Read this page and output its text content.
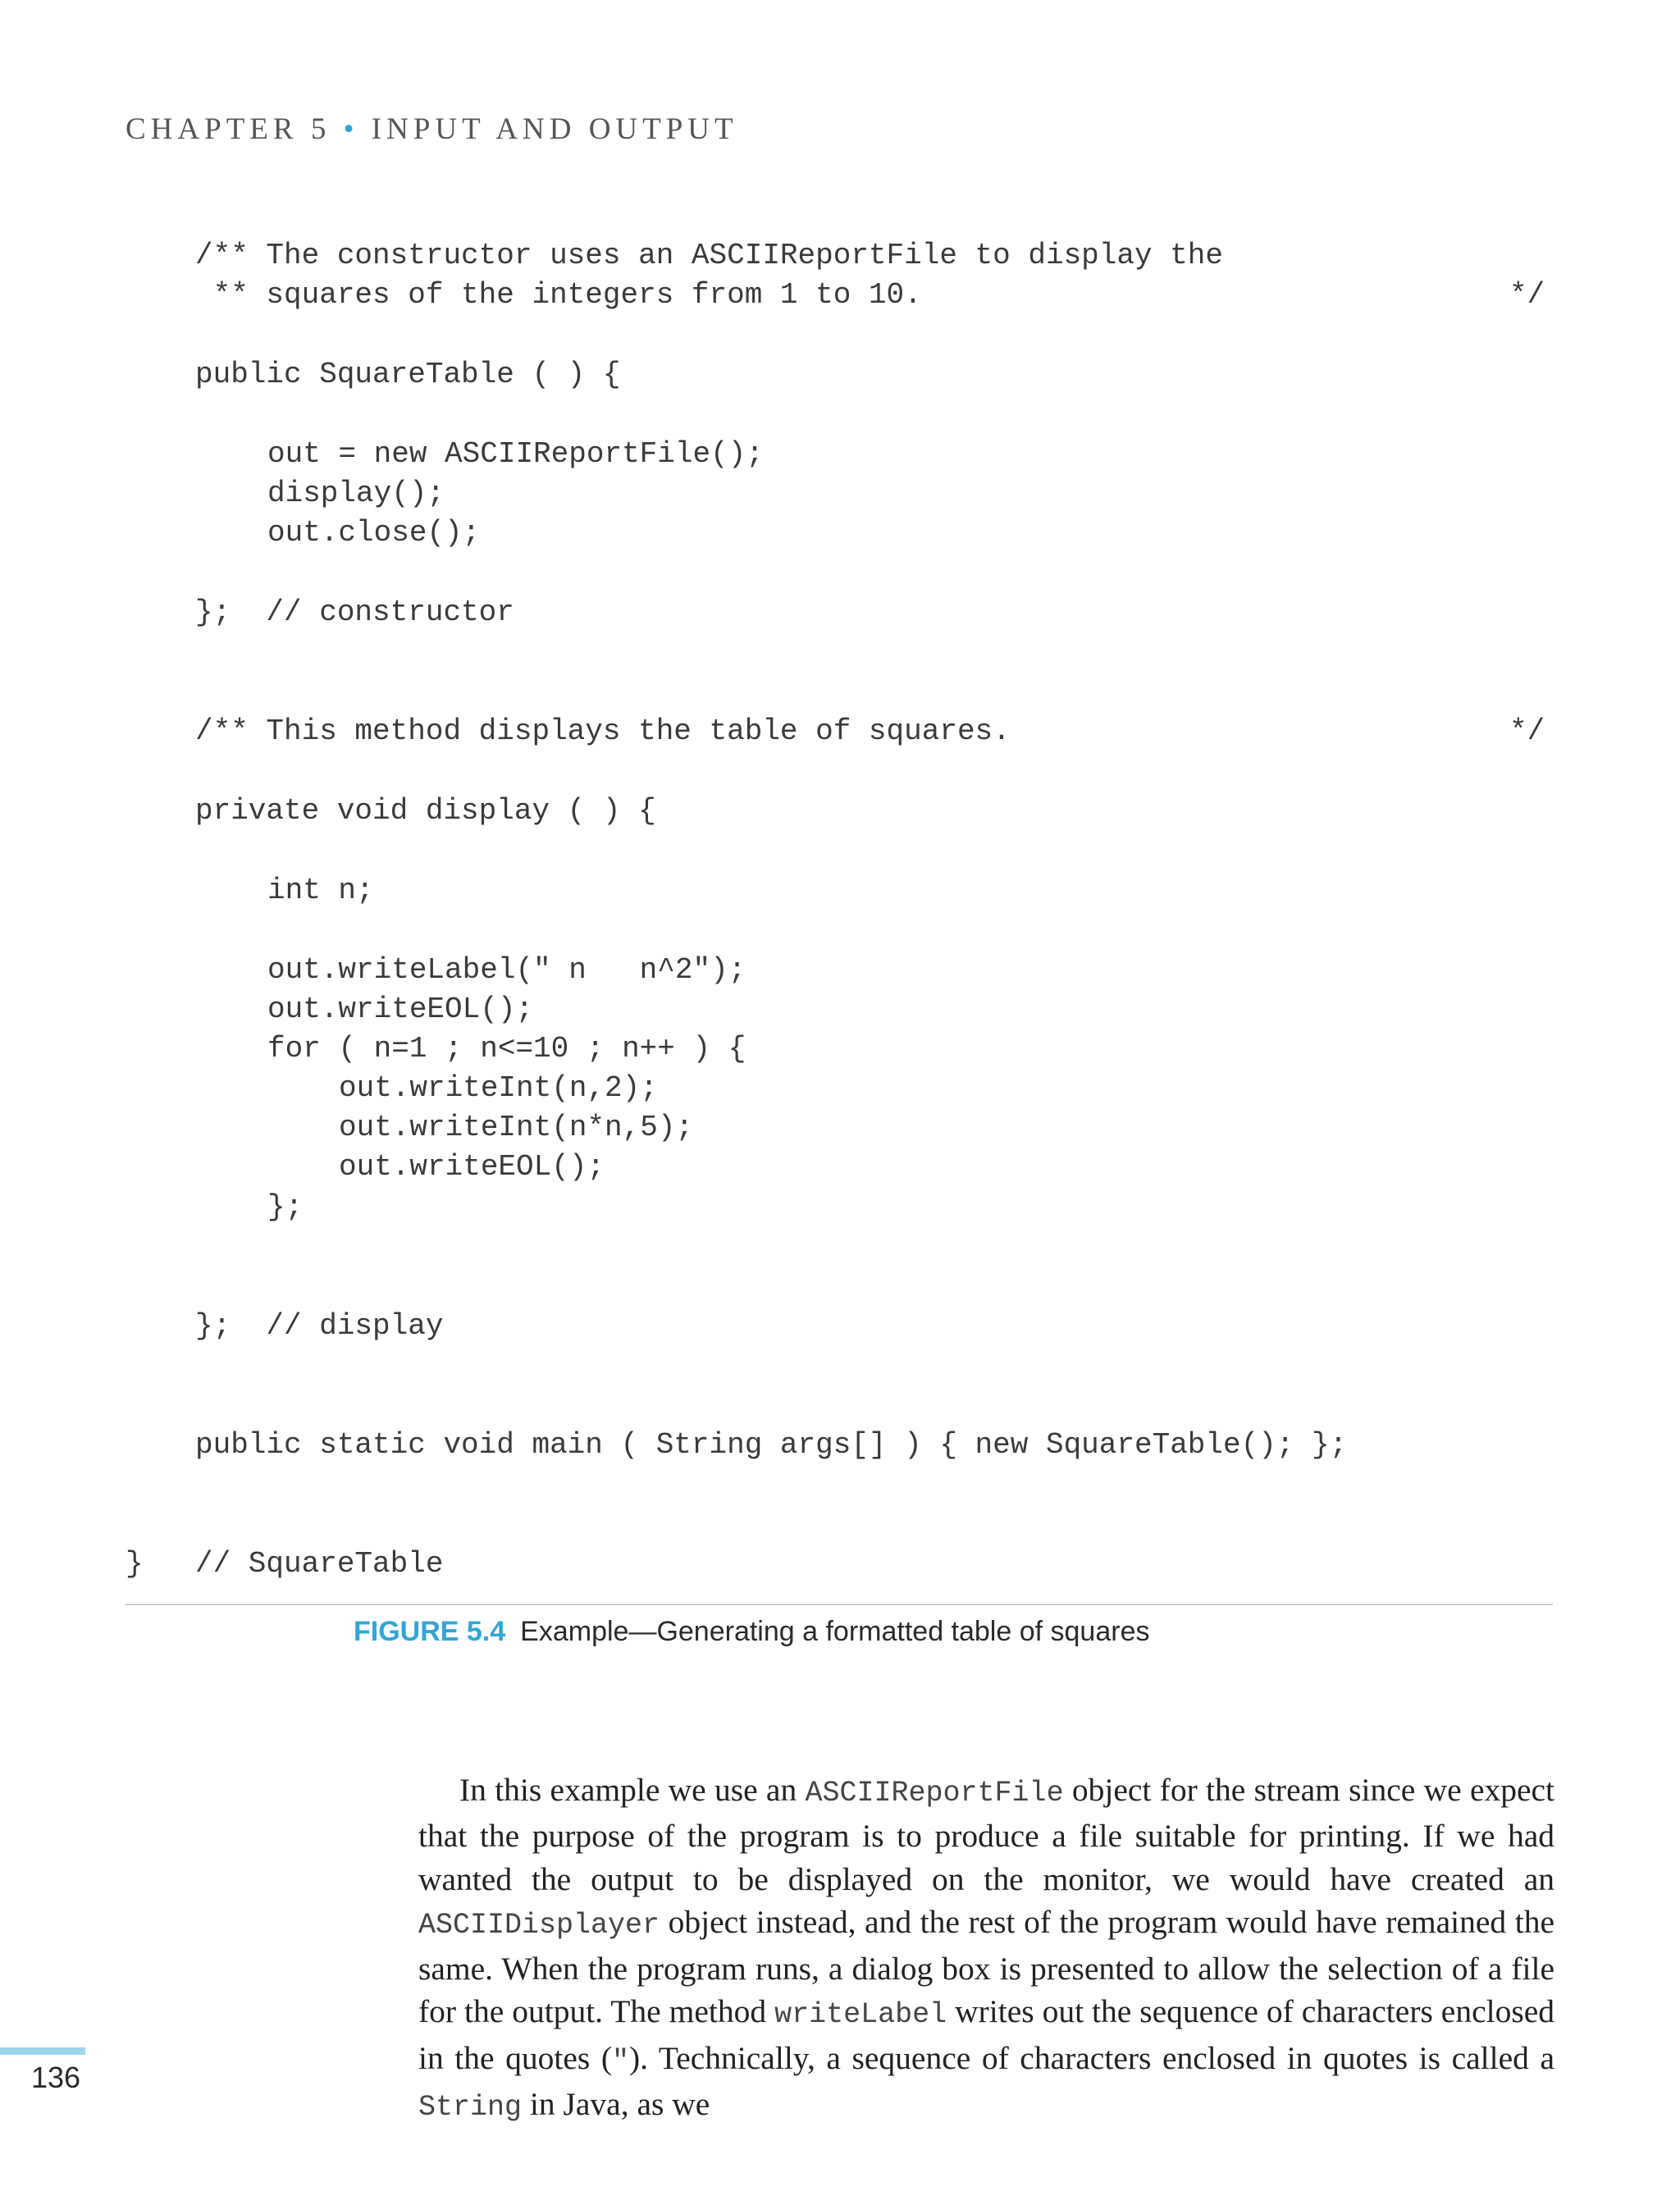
CHAPTER 5 • INPUT AND OUTPUT
/** The constructor uses an ASCIIReportFile to display the
** squares of the integers from 1 to 10.	*/
public SquareTable ( ) {
out = new ASCIIReportFile();
display();
out.close();
};  // constructor
/** This method displays the table of squares.	*/
private void display ( ) {
int n;
out.writeLabel(" n   n^2");
out.writeEOL();
for ( n=1 ; n<=10 ; n++ ) {
out.writeInt(n,2);
out.writeInt(n*n,5);
out.writeEOL();
};
};  // display
public static void main ( String args[] ) { new SquareTable(); };
} // SquareTable
FIGURE 5.4 Example—Generating a formatted table of squares

In this example we use an ASCIIReportFile object for the stream since we expect that the purpose of the program is to produce a file suitable for printing. If we had wanted the output to be displayed on the monitor, we would have created an ASCIIDisplayer object instead, and the rest of the program would have remained the same. When the program runs, a dialog box is presented to allow the selection of a file for the output. The method writeLabel writes out the sequence of characters enclosed in the quotes ("). Technically, a sequence of characters enclosed in quotes is called a String in Java, as we

136
